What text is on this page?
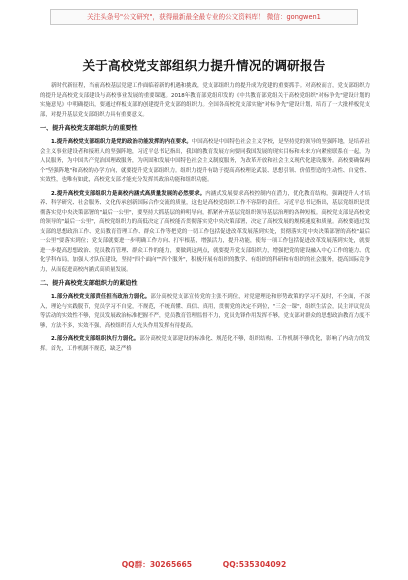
关注头条号"公文研究"，获得最新最全最专业的公文资料库！ 微信：gongwen1
关于高校党支部组织力提升情况的调研报告

新时代新征程，当前高校基层党建工作面临着新的机遇和挑战，党支部组织力的提升成为党建的重要抓手。对高校而言，党支部组织力的提升是高校党支部建设与高校事业发展的重要课题。2018年教育部党组印发的《中共教育部党组关于高校党组织"对标争先"建设计划的实施意见》中明确提出，要通过样板支部的创建提升党支部的组织力。全国各高校党支部实施"对标争先"建设计划，培育了一大批样板党支部，对提升基层党支部组织力具有重要意义。

一、提升高校党支部组织力的重要性

1.提升高校党支部组织力是党的政治功能发挥的内在要求。中国高校是中国特色社会主义学校，是坚持党的领导的坚强阵地，是培养社会主义事业建设者和接班人的坚强阵地，习近平总书记指出，我国的教育发展方向要同我国发展的现实目标和未来方向紧密联系在一起，为人民服务，为中国共产党治国理政服务，为巩固和发展中国特色社会主义制度服务，为改革开放和社会主义现代化建设服务。高校要确保两个"坚强阵地"和高校的办学方向，就要提升党支部组织力。组织力提升有助于提高高校理论武装、思想引领、价值塑造的生动性、自觉性、实效性，也唯有如此，高校党支部才能充分发挥其政治功能和组织功能。

2.提升高校党支部组织力是高校内涵式高质量发展的必然要求。内涵式发展要求高校控制内在潜力，优化教育结构，强调提升人才培养、科学研究、社会服务、文化传承创新国际合作交流的质量，这也是高校党组织工作不容辞的责任。习近平总书记指出，基层党组织是贯彻落实党中央决策部署的"最后一公里"，要坚持大抓基层的鲜明导向，抓紧补齐基层党组织领导基层治理的各种短板。高校党支部是高校党的领导的"最后一公里"，高校党组织力的高低决定了高校能否贯彻落实党中央决策部署，决定了高校发展的规模速度和质量。高校要通过发支部的思想政治工作、党员教育管理工作、群众工作等把党的一切工作包括促进改革发展落到实处，贯彻落实党中央决策部署的高校"最后一公里"要落实到位；党支部就要进一步明确工作方向、打牢根基，增强活力，提升功能，使每一项工作包括促进改革发展落到实处，就要进一步提高思想政治、党员教育管理、群众工作的能力，要做到这两点，就要提升党支部组织力，增强把党的建设融入中心工作的能力、优化学科布局，加强人才队伍建设，坚持"四个面向""四个服务"，积极开展有组织的教学、有组织的科研和有组织的社会服务，提高国际竞争力，从而促进高校内涵式高质量发展。

二、提升高校党支部组织力的紧迫性

1.部分高校党支部责任担当政治力弱化。部分高校党支部宣传党的主张不到位，对党建理论和形势政策的学习不及时，不全面，不深入，理论与实践脱节，党员学习不自觉，不规范，不统真懂、真信、真用，贯彻党的决定不到位，"三会一课"，组织生活会，民主评议党员等活动的实效性不够，党员发展政治标准把握不严，党员教育管理监督不力，党员先锋作用发挥不够，党支部对群众的思想政治教育力度不够，方法不多，实效不强，高校组织育人充头作用发挥有待提高。

2.部分高校党支部组织执行力弱化。部分高校党支部建设的标准化、规范化不够，组织结构、工作机制不够优化，影响了内动力的发挥。首先，工作机制不规范，缺乏严格

QQ群：30265665	QQ:535304092
